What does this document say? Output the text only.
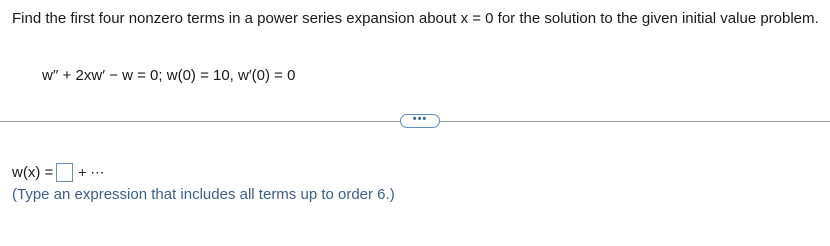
Find the first four nonzero terms in a power series expansion about x = 0 for the solution to the given initial value problem.

w′′ + 2xw′ − w = 0; w(0) = 10, w′(0) = 0
•••
w(x) = + ⋯
(Type an expression that includes all terms up to order 6.)
